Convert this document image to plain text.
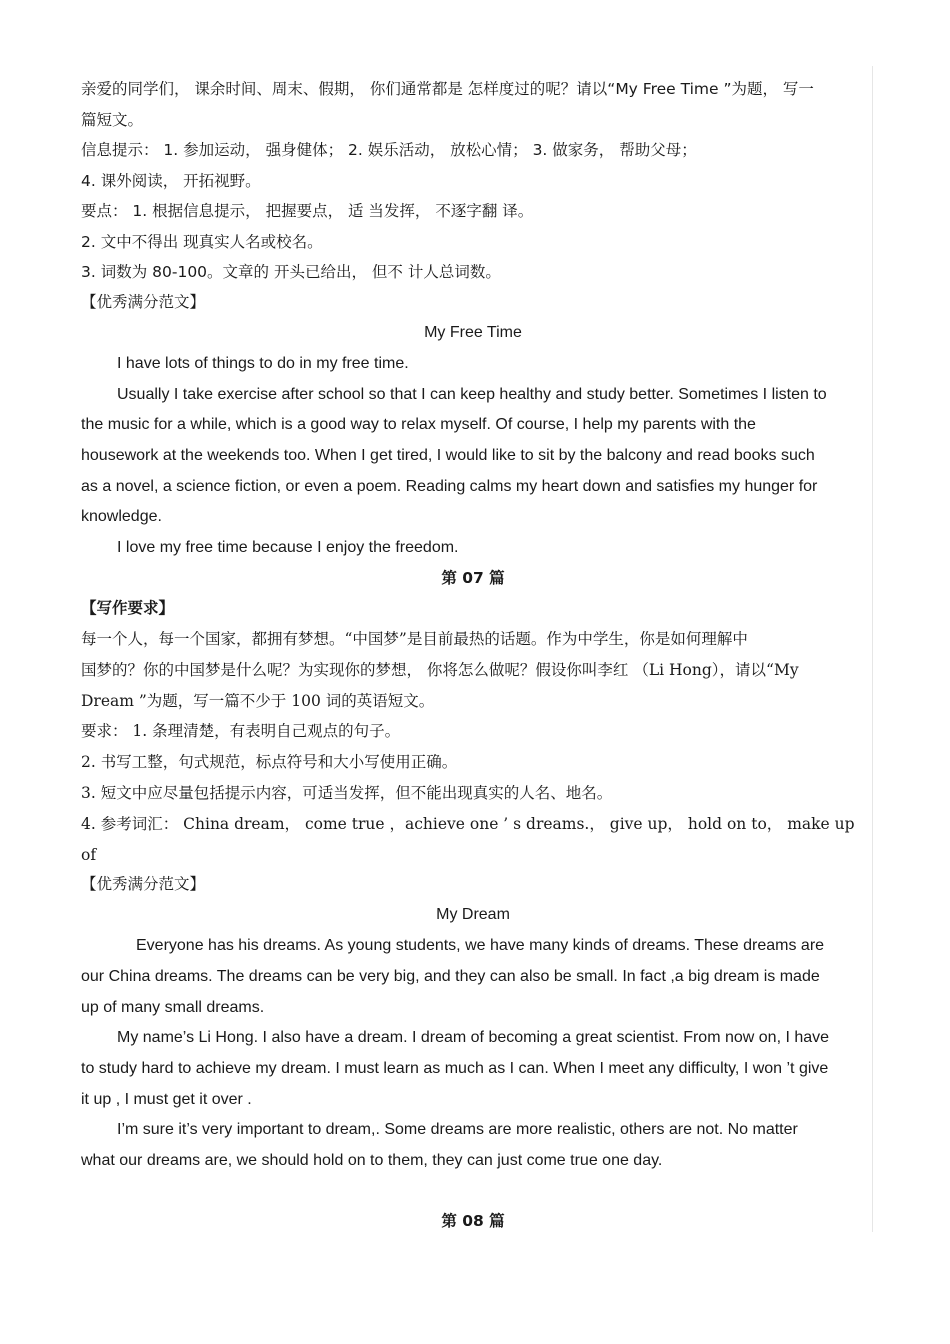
亲爱的同学们， 课余时间、周末、假期， 你们通常都是 怎样度过的呢？请以“My Free Time ”为题， 写一
篇短文。
信息提示： 1. 参加运动， 强身健体； 2. 娱乐活动， 放松心情； 3. 做家务， 帮助父母；
4. 课外阅读， 开拓视野。
要点： 1. 根据信息提示， 把握要点， 适 当发挥， 不逐字翻 译。
2. 文中不得出 现真实人名或校名。
3. 词数为 80-100。文章的 开头已给出， 但不 计人总词数。
【优秀满分范文】
My Free Time
I have lots of things to do in my free time.
Usually I take exercise after school so that I can keep healthy and study better. Sometimes I listen to
the music for a while, which is a good way to relax myself. Of course, I help my parents with the
housework at the weekends too. When I get tired, I would like to sit by the balcony and read books such
as a novel, a science fiction, or even a poem. Reading calms my heart down and satisfies my hunger for
knowledge.
I love my free time because I enjoy the freedom.
第 07 篇
【写作要求】
每一个人，每一个国家，都拥有梦想。“中国梦”是目前最热的话题。作为中学生，你是如何理解中
国梦的？你的中国梦是什么呢？为实现你的梦想， 你将怎么做呢？假设你叫李红 （Li Hong），请以“My
Dream ”为题，写一篇不少于 100 词的英语短文。
要求： 1. 条理清楚，有表明自己观点的句子。
2. 书写工整，句式规范，标点符号和大小写使用正确。
3. 短文中应尽量包括提示内容，可适当发挥，但不能出现真实的人名、地名。
4. 参考词汇： China dream， come true ，achieve one ’ s dreams.， give up， hold on to， make up
of
【优秀满分范文】
My Dream
Everyone has his dreams. As young students, we have many kinds of dreams. These dreams are
our China dreams. The dreams can be very big, and they can also be small. In fact ,a big dream is made
up of many small dreams.
My name’s Li Hong. I also have a dream. I dream of becoming a great scientist. From now on, I have
to study hard to achieve my dream. I must learn as much as I can. When I meet any difficulty, I won ’t give
it up , I must get it over .
I’m sure it’s very important to dream,. Some dreams are more realistic, others are not. No matter
what our dreams are, we should hold on to them, they can just come true one day.
第 08 篇
